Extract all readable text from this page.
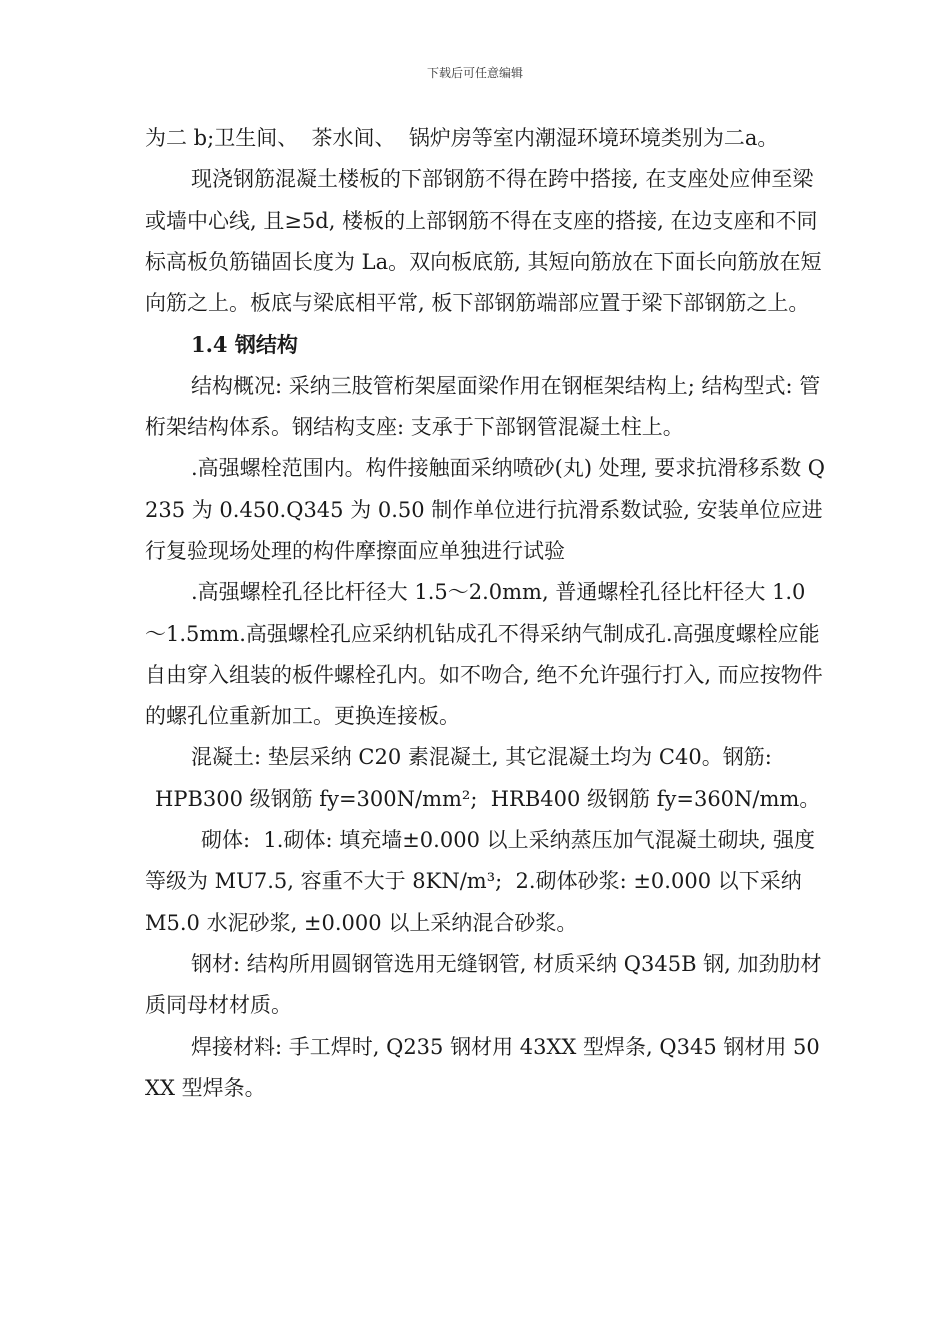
下载后可任意编辑

为二 b;卫生间、  茶水间、  锅炉房等室内潮湿环境环境类别为二a。

现浇钢筋混凝土楼板的下部钢筋不得在跨中搭接, 在支座处应伸至梁或墙中心线, 且≥5d, 楼板的上部钢筋不得在支座的搭接, 在边支座和不同标高板负筋锚固长度为 La。双向板底筋, 其短向筋放在下面长向筋放在短向筋之上。板底与梁底相平常, 板下部钢筋端部应置于梁下部钢筋之上。

1.4 钢结构

结构概况: 采纳三肢管桁架屋面梁作用在钢框架结构上; 结构型式: 管桁架结构体系。钢结构支座: 支承于下部钢管混凝土柱上。

.高强螺栓范围内。构件接触面采纳喷砂(丸) 处理, 要求抗滑移系数 Q235 为 0.450.Q345 为 0.50 制作单位进行抗滑系数试验, 安装单位应进行复验现场处理的构件摩擦面应单独进行试验

.高强螺栓孔径比杆径大 1.5～2.0mm, 普通螺栓孔径比杆径大 1.0～1.5mm.高强螺栓孔应采纳机钻成孔不得采纳气制成孔.高强度螺栓应能自由穿入组装的板件螺栓孔内。如不吻合, 绝不允许强行打入, 而应按物件的螺孔位重新加工。更换连接板。

混凝土: 垫层采纳 C20 素混凝土, 其它混凝土均为 C40。钢筋:

HPB300 级钢筋 fy=300N/mm²;  HRB400 级钢筋 fy=360N/mm。

砌体:  1.砌体: 填充墙±0.000 以上采纳蒸压加气混凝土砌块, 强度等级为 MU7.5, 容重不大于 8KN/m³;  2.砌体砂浆: ±0.000 以下采纳 M5.0 水泥砂浆, ±0.000 以上采纳混合砂浆。

钢材: 结构所用圆钢管选用无缝钢管, 材质采纳 Q345B 钢, 加劲肋材质同母材材质。

焊接材料: 手工焊时, Q235 钢材用 43XX 型焊条, Q345 钢材用 50XX 型焊条。
